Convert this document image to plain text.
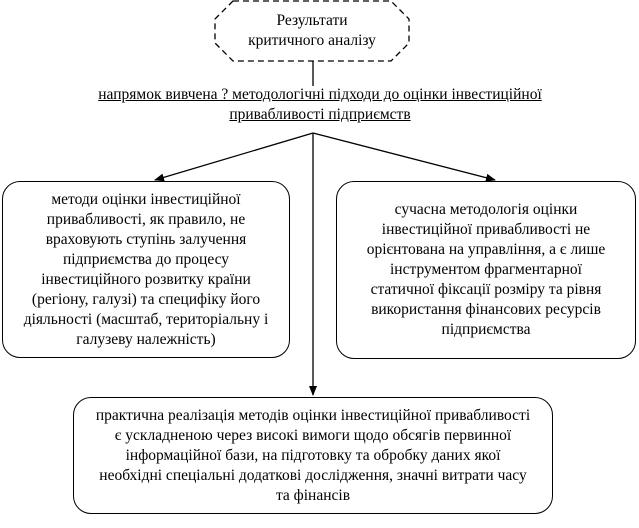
Результати
критичного аналізу
напрямок вивчена ? методологічні підходи до оцінки інвестиційної
привабливості підприємств
методи оцінки інвестиційної привабливості, як правило, не враховують ступінь залучення підприємства до процесу інвестиційного розвитку країни (регіону, галузі) та специфіку його діяльності (масштаб, територіальну і галузеву належність)
сучасна методологія оцінки інвестиційної привабливості не орієнтована на управління, а є лише інструментом фрагментарної статичної фіксації розміру та рівня використання фінансових ресурсів підприємства
практична реалізація методів оцінки інвестиційної привабливості є ускладненою через високі вимоги щодо обсягів первинної інформаційної бази, на підготовку та обробку даних якої необхідні спеціальні додаткові дослідження, значні витрати часу та фінансів
